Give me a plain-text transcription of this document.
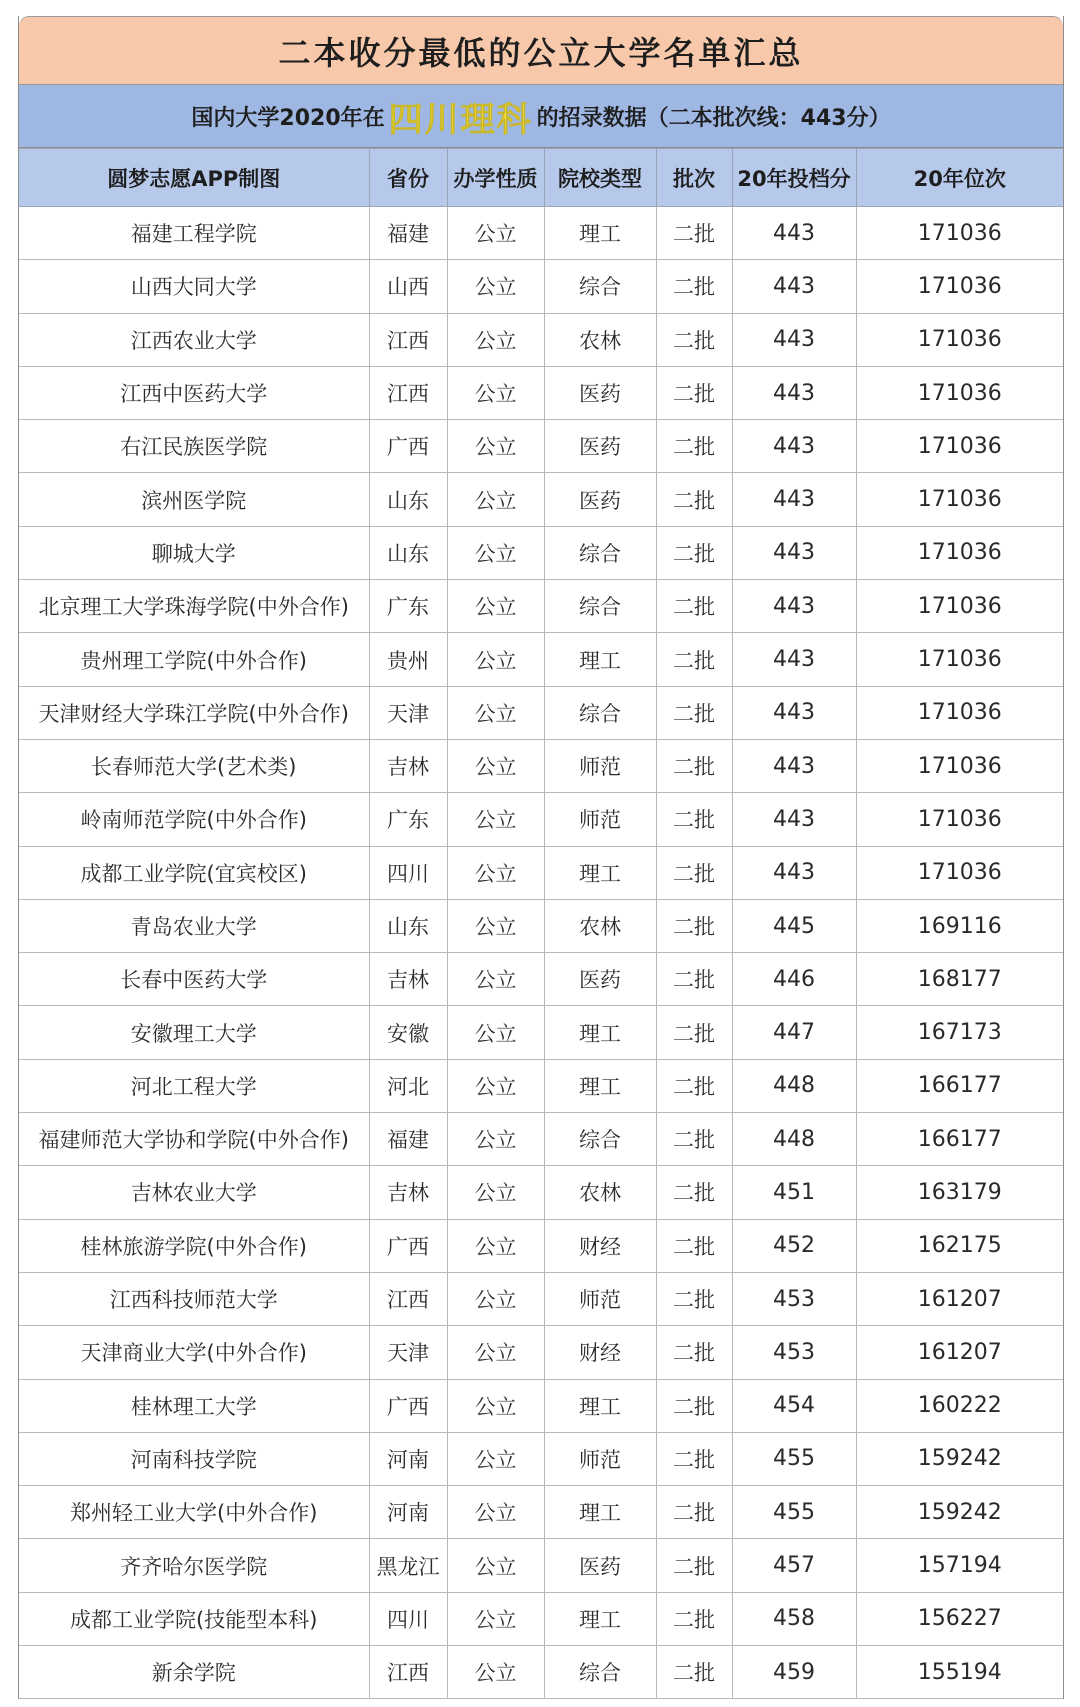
二本收分最低的公立大学名单汇总
国内大学2020年在 四川理科 的招录数据（二本批次线：443分）
圆梦志愿APP制图	省份	办学性质	院校类型	批次	20年投档分	20年位次
福建工程学院	福建	公立	理工	二批	443	171036
山西大同大学	山西	公立	综合	二批	443	171036
江西农业大学	江西	公立	农林	二批	443	171036
江西中医药大学	江西	公立	医药	二批	443	171036
右江民族医学院	广西	公立	医药	二批	443	171036
滨州医学院	山东	公立	医药	二批	443	171036
聊城大学	山东	公立	综合	二批	443	171036
北京理工大学珠海学院(中外合作)	广东	公立	综合	二批	443	171036
贵州理工学院(中外合作)	贵州	公立	理工	二批	443	171036
天津财经大学珠江学院(中外合作)	天津	公立	综合	二批	443	171036
长春师范大学(艺术类)	吉林	公立	师范	二批	443	171036
岭南师范学院(中外合作)	广东	公立	师范	二批	443	171036
成都工业学院(宜宾校区)	四川	公立	理工	二批	443	171036
青岛农业大学	山东	公立	农林	二批	445	169116
长春中医药大学	吉林	公立	医药	二批	446	168177
安徽理工大学	安徽	公立	理工	二批	447	167173
河北工程大学	河北	公立	理工	二批	448	166177
福建师范大学协和学院(中外合作)	福建	公立	综合	二批	448	166177
吉林农业大学	吉林	公立	农林	二批	451	163179
桂林旅游学院(中外合作)	广西	公立	财经	二批	452	162175
江西科技师范大学	江西	公立	师范	二批	453	161207
天津商业大学(中外合作)	天津	公立	财经	二批	453	161207
桂林理工大学	广西	公立	理工	二批	454	160222
河南科技学院	河南	公立	师范	二批	455	159242
郑州轻工业大学(中外合作)	河南	公立	理工	二批	455	159242
齐齐哈尔医学院	黑龙江	公立	医药	二批	457	157194
成都工业学院(技能型本科)	四川	公立	理工	二批	458	156227
新余学院	江西	公立	综合	二批	459	155194
